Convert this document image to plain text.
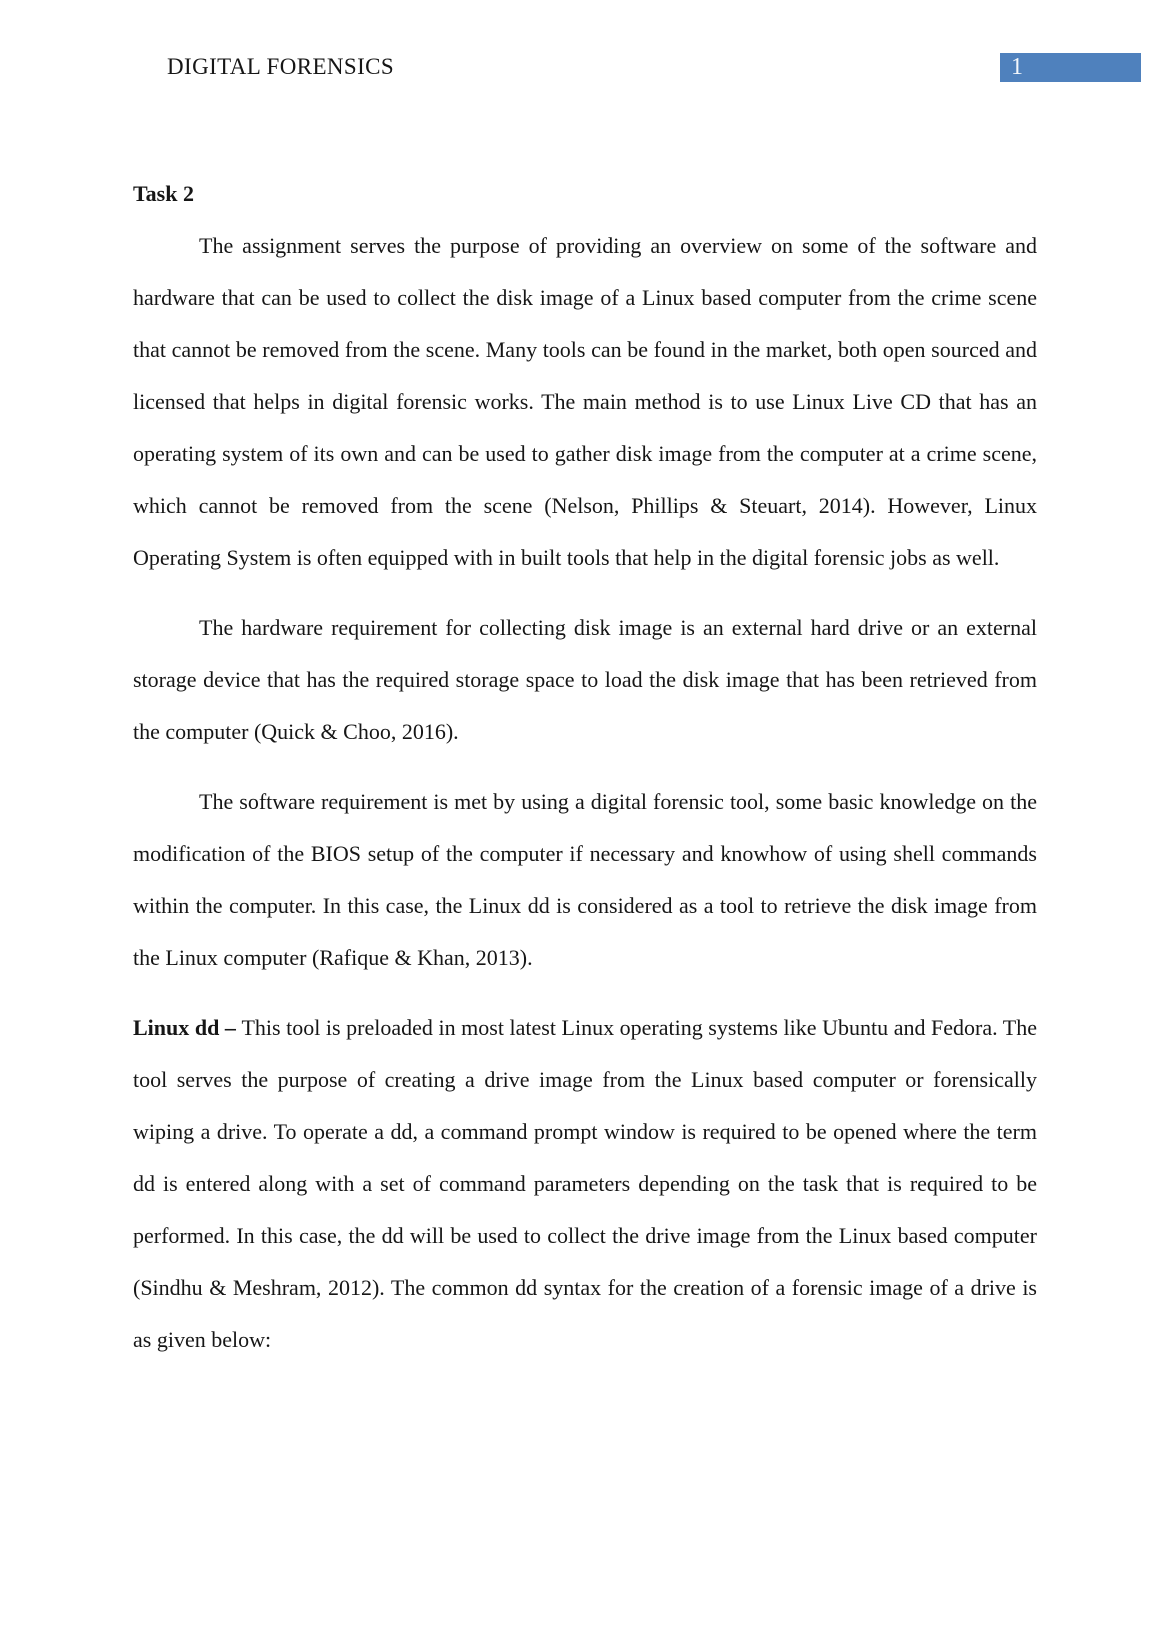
DIGITAL FORENSICS	1

Task 2

The assignment serves the purpose of providing an overview on some of the software and hardware that can be used to collect the disk image of a Linux based computer from the crime scene that cannot be removed from the scene. Many tools can be found in the market, both open sourced and licensed that helps in digital forensic works. The main method is to use Linux Live CD that has an operating system of its own and can be used to gather disk image from the computer at a crime scene, which cannot be removed from the scene (Nelson, Phillips & Steuart, 2014). However, Linux Operating System is often equipped with in built tools that help in the digital forensic jobs as well.

The hardware requirement for collecting disk image is an external hard drive or an external storage device that has the required storage space to load the disk image that has been retrieved from the computer (Quick & Choo, 2016).

The software requirement is met by using a digital forensic tool, some basic knowledge on the modification of the BIOS setup of the computer if necessary and knowhow of using shell commands within the computer. In this case, the Linux dd is considered as a tool to retrieve the disk image from the Linux computer (Rafique & Khan, 2013).

Linux dd – This tool is preloaded in most latest Linux operating systems like Ubuntu and Fedora. The tool serves the purpose of creating a drive image from the Linux based computer or forensically wiping a drive. To operate a dd, a command prompt window is required to be opened where the term dd is entered along with a set of command parameters depending on the task that is required to be performed. In this case, the dd will be used to collect the drive image from the Linux based computer (Sindhu & Meshram, 2012). The common dd syntax for the creation of a forensic image of a drive is as given below:
